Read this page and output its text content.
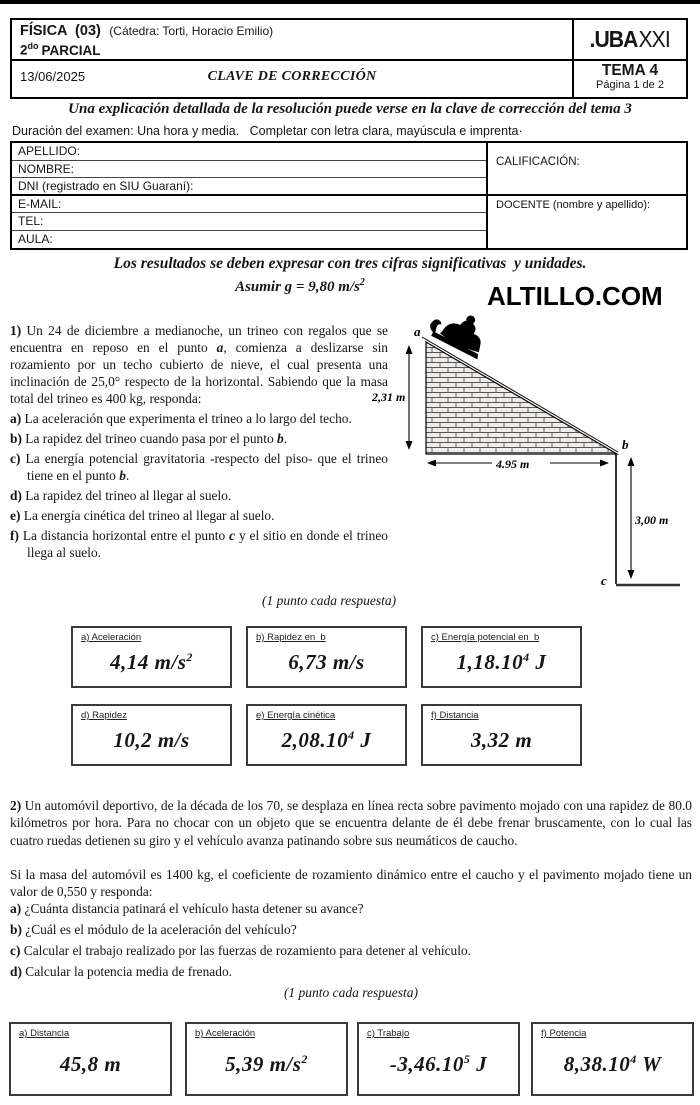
FÍSICA  (03) (Cátedra: Torti, Horacio Emilio)
$2^{do}$ PARCIAL	.UBAXXI
13/06/2025	CLAVE DE CORRECCIÓN	TEMA 4
Página 1 de 2
Una explicación detallada de la resolución puede verse en la clave de corrección del tema 3
Duración del examen: Una hora y media.   Completar con letra clara, mayúscula e imprenta·
APELLIDO:
NOMBRE:
DNI (registrado en SIU Guaraní):
E-MAIL:
TEL:
AULA:
CALIFICACIÓN:
DOCENTE (nombre y apellido):
Los resultados se deben expresar con tres cifras significativas  y unidades.
Asumir g = 9,80 $m/s^2$	ALTILLO.COM

1) Un 24 de diciembre a medianoche, un trineo con regalos que se encuentra en reposo en el punto a, comienza a deslizarse sin rozamiento por un techo cubierto de nieve, el cual presenta una inclinación de 25,0° respecto de la horizontal. Sabiendo que la masa total del trineo es 400 kg, responda:

a) La aceleración que experimenta el trineo a lo largo del techo.

b) La rapidez del trineo cuando pasa por el punto b.

c) La energía potencial gravitatoria -respecto del piso- que el trineo tiene en el punto b.

d) La rapidez del trineo al llegar al suelo.

e) La energía cinética del trineo al llegar al suelo.

f) La distancia horizontal entre el punto c y el sitio en donde el trineo llega al suelo.

a
b
c
2,31 m
4.95 m
3,00 m
(1 punto cada respuesta)
a) Aceleración
4,14 $m/s^2$
b) Rapidez en  b
6,73 m/s
c) Energía potencial en  b
1,18.10$^4$ J
d) Rapidez
10,2 m/s
e) Energía cinética
2,08.10$^4$ J
f) Distancia
3,32 m

2) Un automóvil deportivo, de la década de los 70, se desplaza en línea recta sobre pavimento mojado con una rapidez de 80.0 kilómetros por hora. Para no chocar con un objeto que se encuentra delante de él debe frenar bruscamente, con lo cual las cuatro ruedas detienen su giro y el vehículo avanza patinando sobre sus neumáticos de caucho.

Si la masa del automóvil es 1400 kg, el coeficiente de rozamiento dinámico entre el caucho y el pavimento mojado tiene un valor de 0,550 y responda:

a) ¿Cuánta distancia patinará el vehículo hasta detener su avance?

b) ¿Cuál es el módulo de la aceleración del vehículo?

c) Calcular el trabajo realizado por las fuerzas de rozamiento para detener al vehículo.

d) Calcular la potencia media de frenado.

(1 punto cada respuesta)

a) Distancia
45,8 m
b) Aceleración
5,39 $m/s^2$
c) Trabajo
-3,46.10$^5$ J
f) Potencia
8,38.10$^4$ W
